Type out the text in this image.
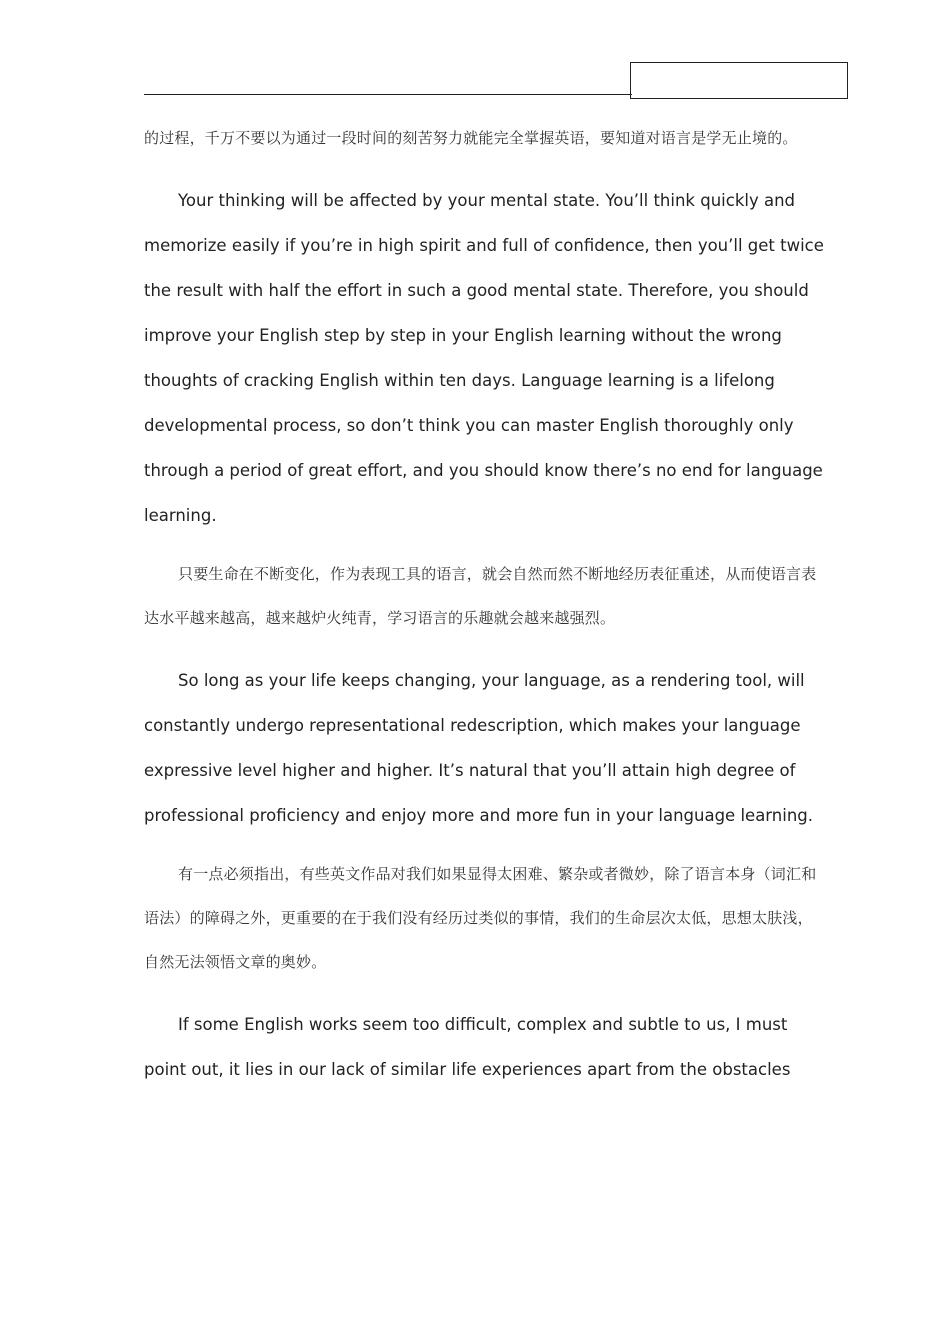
的过程，千万不要以为通过一段时间的刻苦努力就能完全掌握英语，要知道对语言是学无止境的。

Your thinking will be affected by your mental state. You’ll think quickly and memorize easily if you’re in high spirit and full of confidence, then you’ll get twice the result with half the effort in such a good mental state. Therefore, you should improve your English step by step in your English learning without the wrong thoughts of cracking English within ten days. Language learning is a lifelong developmental process, so don’t think you can master English thoroughly only through a period of great effort, and you should know there’s no end for language learning.

只要生命在不断变化，作为表现工具的语言，就会自然而然不断地经历表征重述，从而使语言表达水平越来越高，越来越炉火纯青，学习语言的乐趣就会越来越强烈。

So long as your life keeps changing, your language, as a rendering tool, will constantly undergo representational redescription, which makes your language expressive level higher and higher. It’s natural that you’ll attain high degree of professional proficiency and enjoy more and more fun in your language learning.

有一点必须指出，有些英文作品对我们如果显得太困难、繁杂或者微妙，除了语言本身（词汇和语法）的障碍之外，更重要的在于我们没有经历过类似的事情，我们的生命层次太低，思想太肤浅，自然无法领悟文章的奥妙。

If some English works seem too difficult, complex and subtle to us, I must point out, it lies in our lack of similar life experiences apart from the obstacles
